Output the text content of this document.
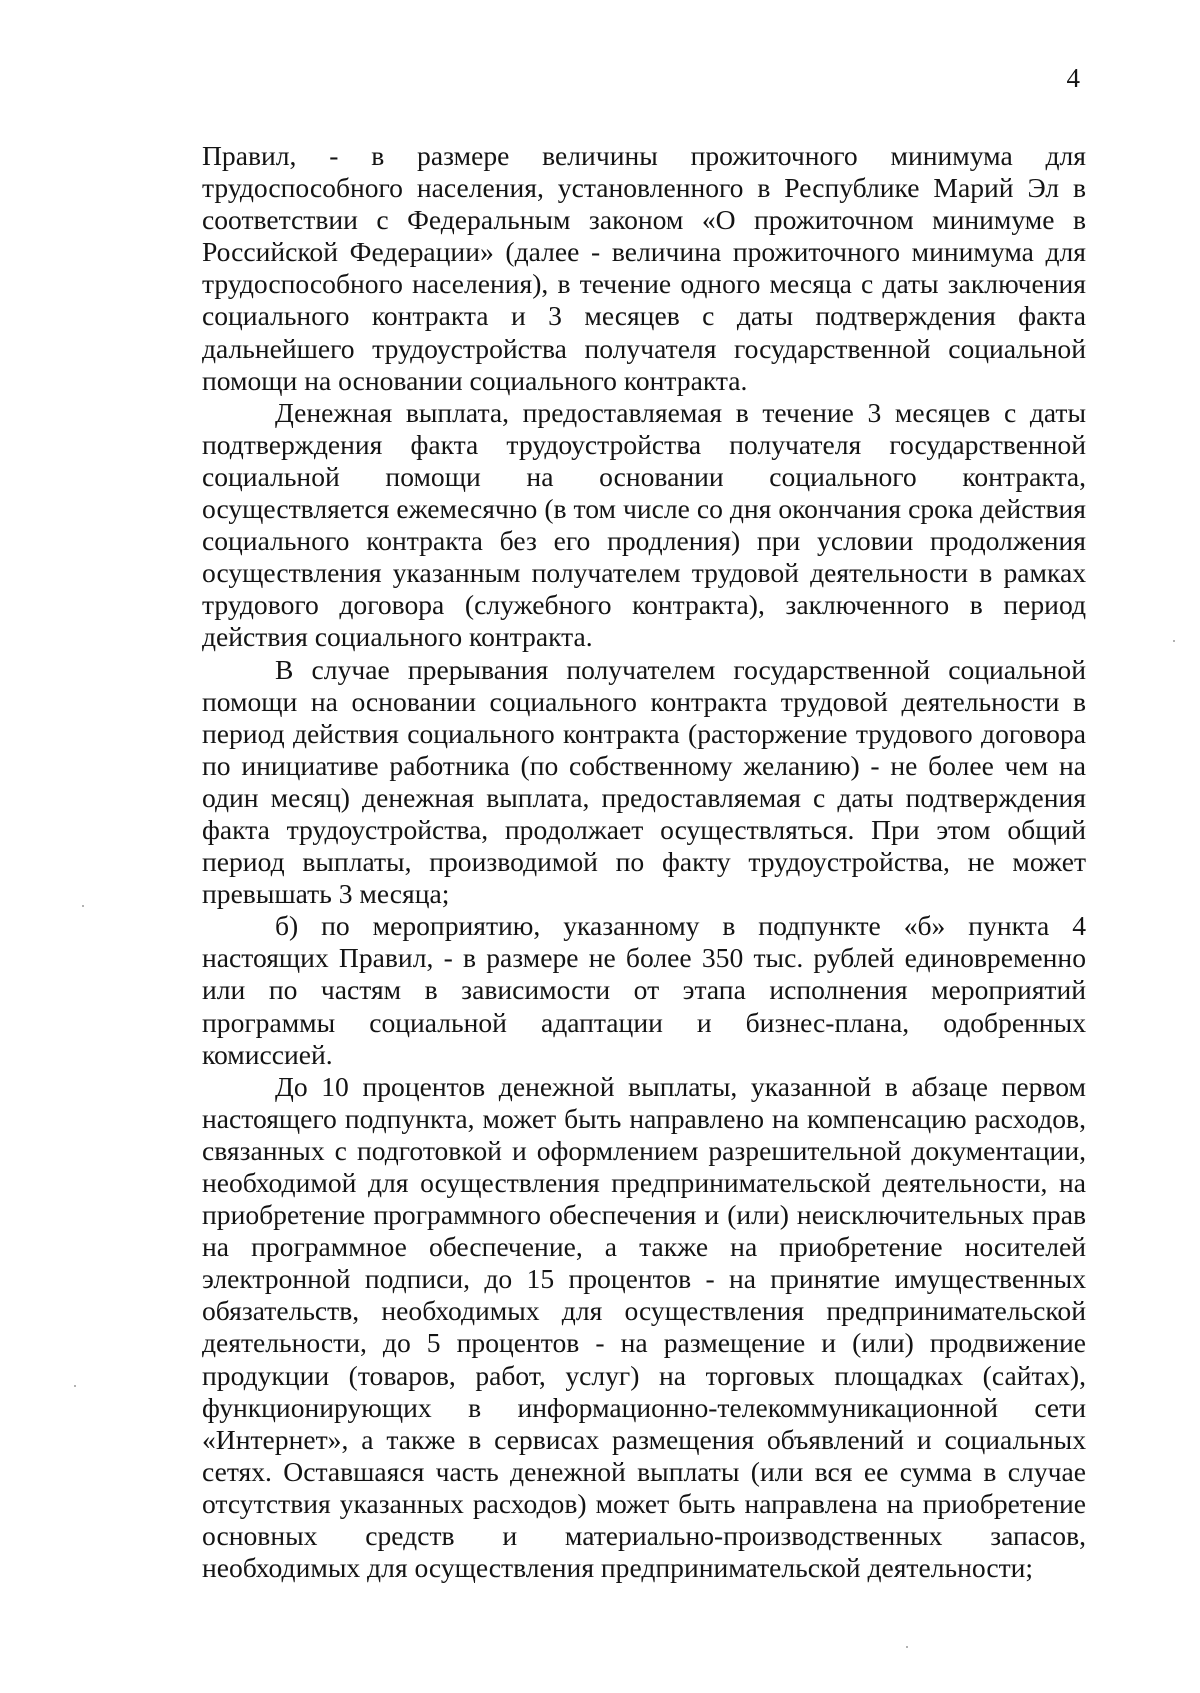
4

Правил, - в размере величины прожиточного минимума для трудоспособного населения, установленного в Республике Марий Эл в соответствии с Федеральным законом «О прожиточном минимуме в Российской Федерации» (далее - величина прожиточного минимума для трудоспособного населения), в течение одного месяца с даты заключения социального контракта и 3 месяцев с даты подтверждения факта дальнейшего трудоустройства получателя государственной социальной помощи на основании социального контракта.

Денежная выплата, предоставляемая в течение 3 месяцев с даты подтверждения факта трудоустройства получателя государственной социальной помощи на основании социального контракта, осуществляется ежемесячно (в том числе со дня окончания срока действия социального контракта без его продления) при условии продолжения осуществления указанным получателем трудовой деятельности в рамках трудового договора (служебного контракта), заключенного в период действия социального контракта.

В случае прерывания получателем государственной социальной помощи на основании социального контракта трудовой деятельности в период действия социального контракта (расторжение трудового договора по инициативе работника (по собственному желанию) - не более чем на один месяц) денежная выплата, предоставляемая с даты подтверждения факта трудоустройства, продолжает осуществляться. При этом общий период выплаты, производимой по факту трудоустройства, не может превышать 3 месяца;

б) по мероприятию, указанному в подпункте «б» пункта 4 настоящих Правил, - в размере не более 350 тыс. рублей единовременно или по частям в зависимости от этапа исполнения мероприятий программы социальной адаптации и бизнес-плана, одобренных комиссией.

До 10 процентов денежной выплаты, указанной в абзаце первом настоящего подпункта, может быть направлено на компенсацию расходов, связанных с подготовкой и оформлением разрешительной документации, необходимой для осуществления предпринимательской деятельности, на приобретение программного обеспечения и (или) неисключительных прав на программное обеспечение, а также на приобретение носителей электронной подписи, до 15 процентов - на принятие имущественных обязательств, необходимых для осуществления предпринимательской деятельности, до 5 процентов - на размещение и (или) продвижение продукции (товаров, работ, услуг) на торговых площадках (сайтах), функционирующих в информационно-телекоммуникационной сети «Интернет», а также в сервисах размещения объявлений и социальных сетях. Оставшаяся часть денежной выплаты (или вся ее сумма в случае отсутствия указанных расходов) может быть направлена на приобретение основных средств и материально-производственных запасов, необходимых для осуществления предпринимательской деятельности;
